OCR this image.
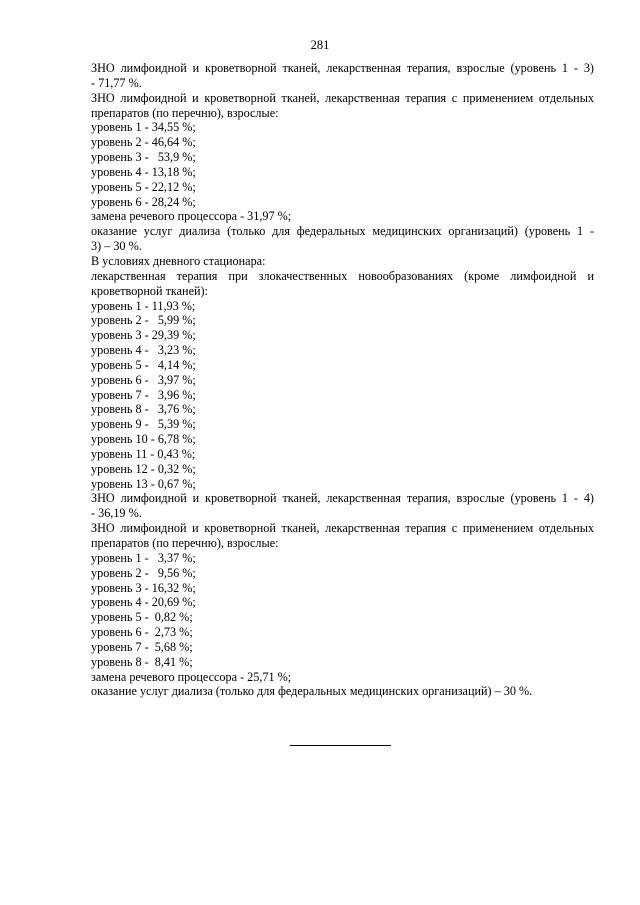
281
ЗНО лимфоидной и кроветворной тканей, лекарственная терапия, взрослые (уровень 1 - 3)
- 71,77 %.
ЗНО лимфоидной и кроветворной тканей, лекарственная терапия с применением отдельных
препаратов (по перечню), взрослые:
уровень 1 - 34,55 %;
уровень 2 - 46,64 %;
уровень 3 -   53,9 %;
уровень 4 - 13,18 %;
уровень 5 - 22,12 %;
уровень 6 - 28,24 %;
замена речевого процессора - 31,97 %;
оказание услуг диализа (только для федеральных медицинских организаций) (уровень 1 -
3) – 30 %.
В условиях дневного стационара:
лекарственная терапия при злокачественных новообразованиях (кроме лимфоидной и
кроветворной тканей):
уровень 1 - 11,93 %;
уровень 2 -   5,99 %;
уровень 3 - 29,39 %;
уровень 4 -   3,23 %;
уровень 5 -   4,14 %;
уровень 6 -   3,97 %;
уровень 7 -   3,96 %;
уровень 8 -   3,76 %;
уровень 9 -   5,39 %;
уровень 10 - 6,78 %;
уровень 11 - 0,43 %;
уровень 12 - 0,32 %;
уровень 13 - 0,67 %;
ЗНО лимфоидной и кроветворной тканей, лекарственная терапия, взрослые (уровень 1 - 4)
- 36,19 %.
ЗНО лимфоидной и кроветворной тканей, лекарственная терапия с применением отдельных
препаратов (по перечню), взрослые:
уровень 1 -   3,37 %;
уровень 2 -   9,56 %;
уровень 3 - 16,32 %;
уровень 4 - 20,69 %;
уровень 5 -  0,82 %;
уровень 6 -  2,73 %;
уровень 7 -  5,68 %;
уровень 8 -  8,41 %;
замена речевого процессора - 25,71 %;
оказание услуг диализа (только для федеральных медицинских организаций) – 30 %.
